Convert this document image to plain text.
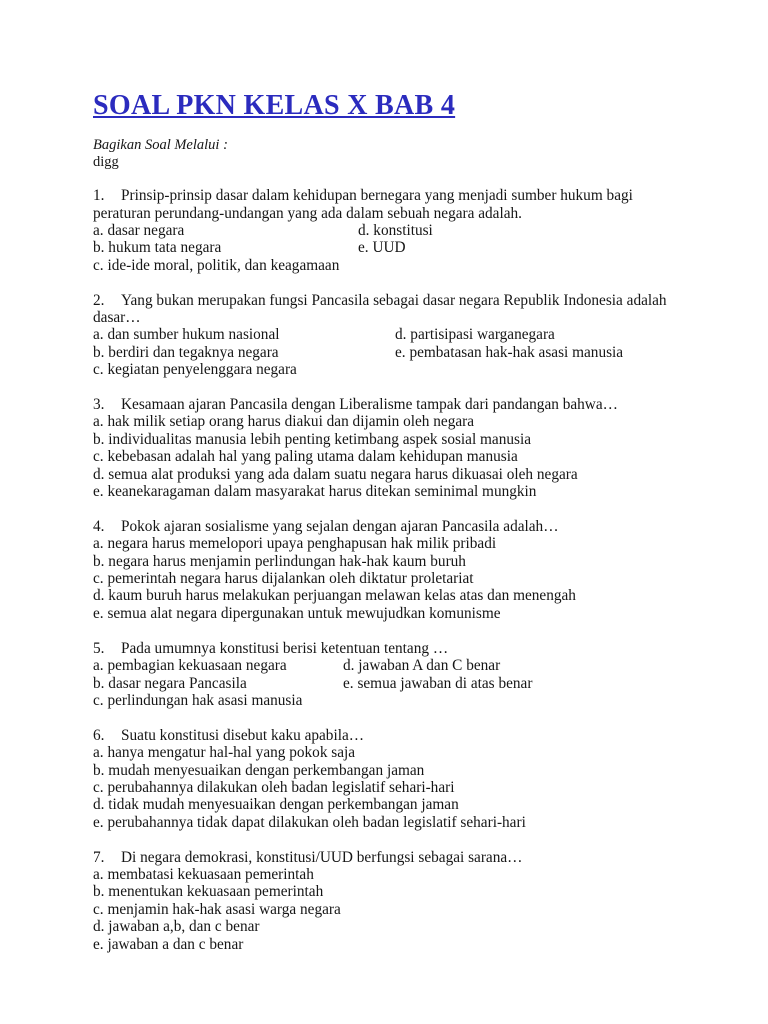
SOAL PKN KELAS X BAB 4
Bagikan Soal Melalui :
digg
1. Prinsip-prinsip dasar dalam kehidupan bernegara yang menjadi sumber hukum bagi peraturan perundang-undangan yang ada dalam sebuah negara adalah.
a. dasar negara	d. konstitusi
b. hukum tata negara	e. UUD
c. ide-ide moral, politik, dan keagamaan
2. Yang bukan merupakan fungsi Pancasila sebagai dasar negara Republik Indonesia adalah dasar…
a. dan sumber hukum nasional	d. partisipasi warganegara
b. berdiri dan tegaknya negara	e. pembatasan hak-hak asasi manusia
c. kegiatan penyelenggara negara
3. Kesamaan ajaran Pancasila dengan Liberalisme tampak dari pandangan bahwa…
a. hak milik setiap orang harus diakui dan dijamin oleh negara
b. individualitas manusia lebih penting ketimbang aspek sosial manusia
c. kebebasan adalah hal yang paling utama dalam kehidupan manusia
d. semua alat produksi yang ada dalam suatu negara harus dikuasai oleh negara
e. keanekaragaman dalam masyarakat harus ditekan seminimal mungkin
4. Pokok ajaran sosialisme yang sejalan dengan ajaran Pancasila adalah…
a. negara harus memelopori upaya penghapusan hak milik pribadi
b. negara harus menjamin perlindungan hak-hak kaum buruh
c. pemerintah negara harus dijalankan oleh diktatur proletariat
d. kaum buruh harus melakukan perjuangan melawan kelas atas dan menengah
e. semua alat negara dipergunakan untuk mewujudkan komunisme
5. Pada umumnya konstitusi berisi ketentuan tentang …
a. pembagian kekuasaan negara	d. jawaban A dan C benar
b. dasar negara Pancasila	e. semua jawaban di atas benar
c. perlindungan hak asasi manusia
6. Suatu konstitusi disebut kaku apabila…
a. hanya mengatur hal-hal yang pokok saja
b. mudah menyesuaikan dengan perkembangan jaman
c. perubahannya dilakukan oleh badan legislatif sehari-hari
d. tidak mudah menyesuaikan dengan perkembangan jaman
e. perubahannya tidak dapat dilakukan oleh badan legislatif sehari-hari
7. Di negara demokrasi, konstitusi/UUD berfungsi sebagai sarana…
a. membatasi kekuasaan pemerintah
b. menentukan kekuasaan pemerintah
c. menjamin hak-hak asasi warga negara
d. jawaban a,b, dan c benar
e. jawaban a dan c benar
